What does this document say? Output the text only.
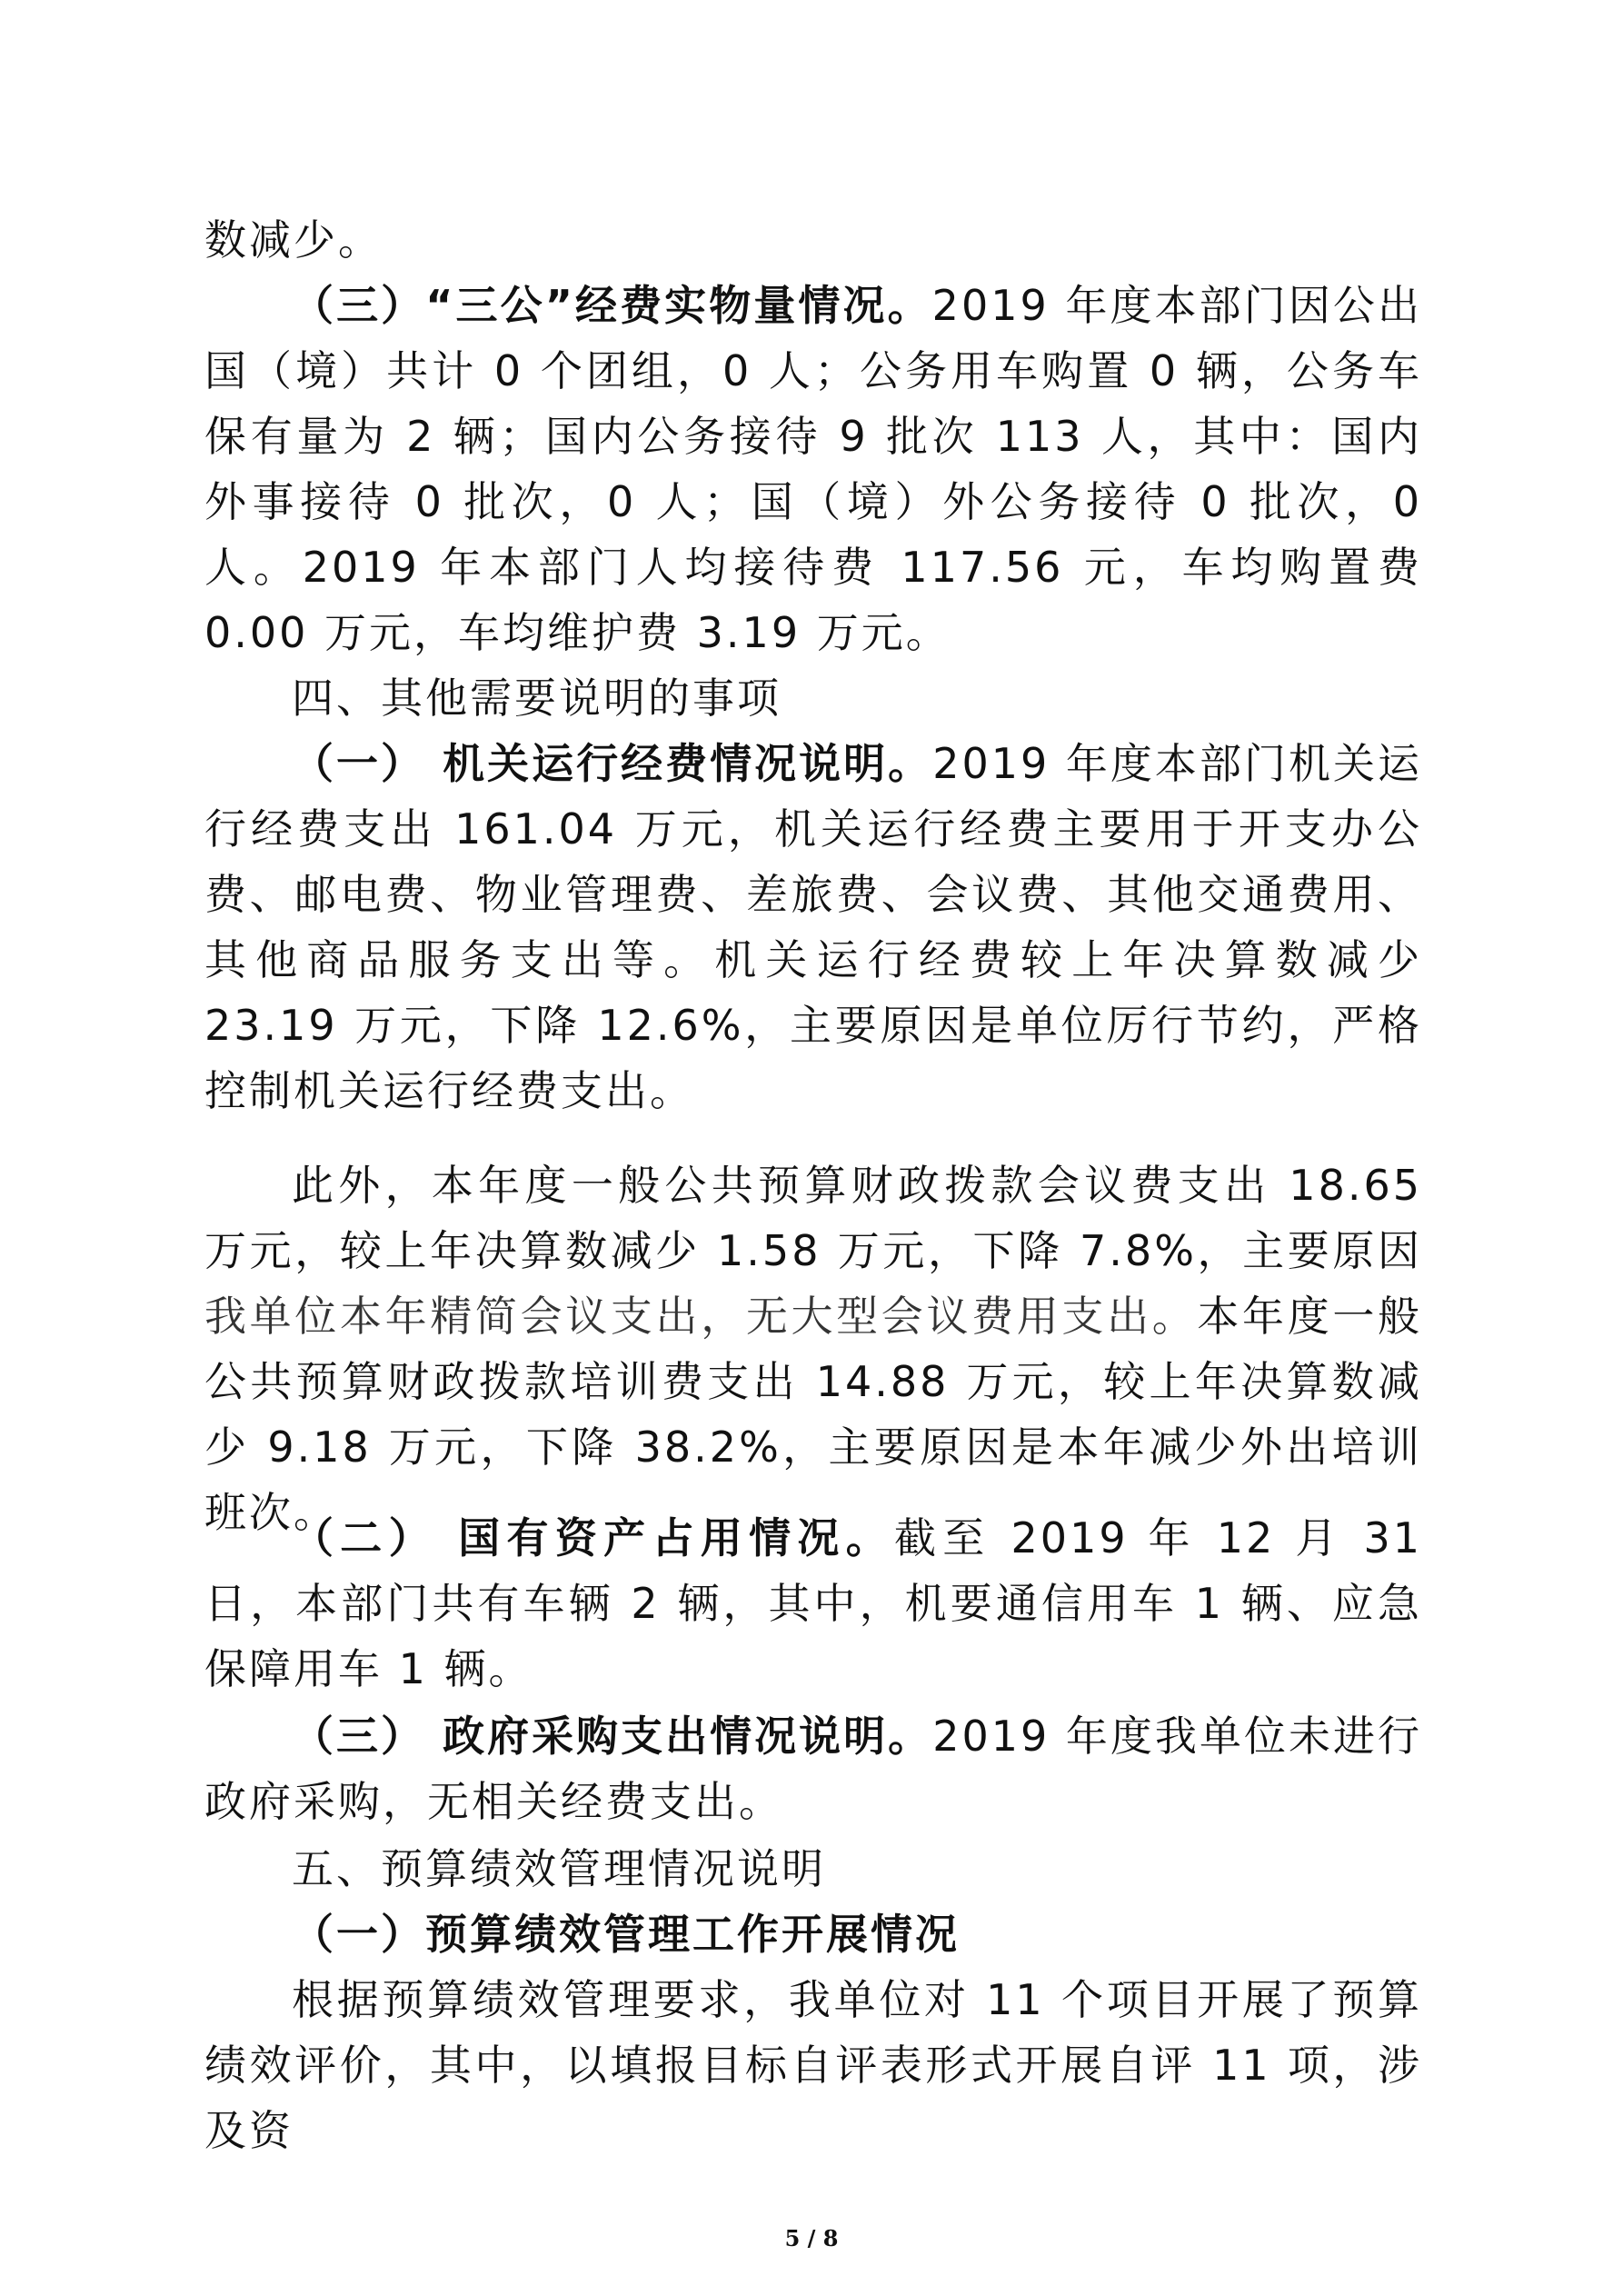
数减少。

（三）“三公”经费实物量情况。2019 年度本部门因公出国（境）共计 0 个团组，0 人；公务用车购置 0 辆，公务车保有量为 2 辆；国内公务接待 9 批次 113 人，其中：国内外事接待 0 批次，0 人；国（境）外公务接待 0 批次，0 人。2019 年本部门人均接待费 117.56 元，车均购置费 0.00 万元，车均维护费 3.19 万元。

四、其他需要说明的事项

（一） 机关运行经费情况说明。2019 年度本部门机关运行经费支出 161.04 万元，机关运行经费主要用于开支办公费、邮电费、物业管理费、差旅费、会议费、其他交通费用、其他商品服务支出等。机关运行经费较上年决算数减少 23.19 万元，下降 12.6%，主要原因是单位厉行节约，严格控制机关运行经费支出。

此外，本年度一般公共预算财政拨款会议费支出 18.65 万元，较上年决算数减少 1.58 万元，下降 7.8%，主要原因我单位本年精简会议支出，无大型会议费用支出。本年度一般公共预算财政拨款培训费支出 14.88 万元，较上年决算数减少 9.18 万元，下降 38.2%，主要原因是本年减少外出培训班次。

（二） 国有资产占用情况。截至 2019 年 12 月 31 日，本部门共有车辆 2 辆，其中，机要通信用车 1 辆、应急保障用车 1 辆。

（三） 政府采购支出情况说明。2019 年度我单位未进行政府采购，无相关经费支出。

五、预算绩效管理情况说明

（一）预算绩效管理工作开展情况

根据预算绩效管理要求，我单位对 11 个项目开展了预算绩效评价，其中，以填报目标自评表形式开展自评 11 项，涉及资

5 / 8
